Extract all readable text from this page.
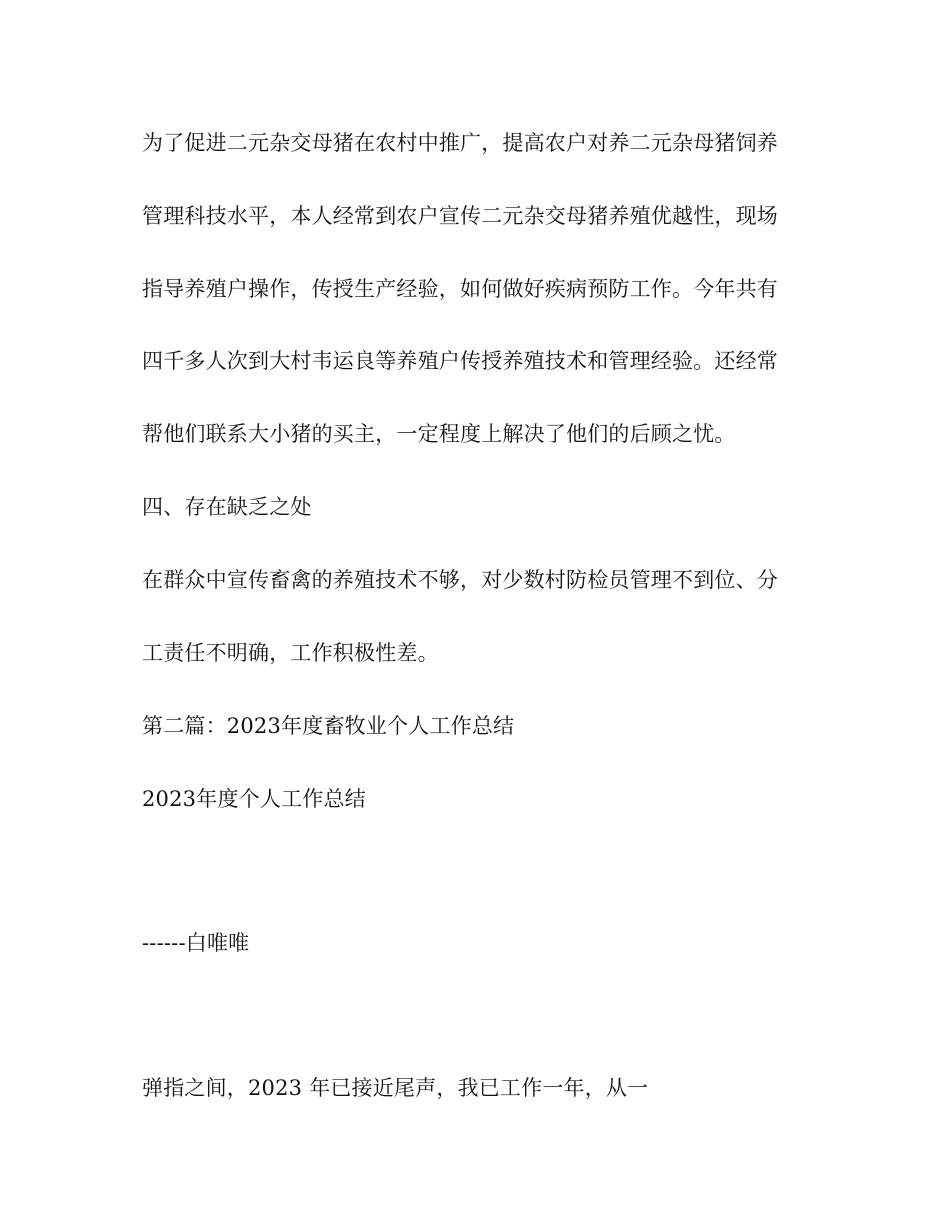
为了促进二元杂交母猪在农村中推广，提高农户对养二元杂母猪饲养
管理科技水平，本人经常到农户宣传二元杂交母猪养殖优越性，现场
指导养殖户操作，传授生产经验，如何做好疾病预防工作。今年共有
四千多人次到大村韦运良等养殖户传授养殖技术和管理经验。还经常
帮他们联系大小猪的买主，一定程度上解决了他们的后顾之忧。
四、存在缺乏之处
在群众中宣传畜禽的养殖技术不够，对少数村防检员管理不到位、分
工责任不明确，工作积极性差。
第二篇：2023年度畜牧业个人工作总结
2023年度个人工作总结
------白唯唯
弹指之间，2023 年已接近尾声，我已工作一年，从一
